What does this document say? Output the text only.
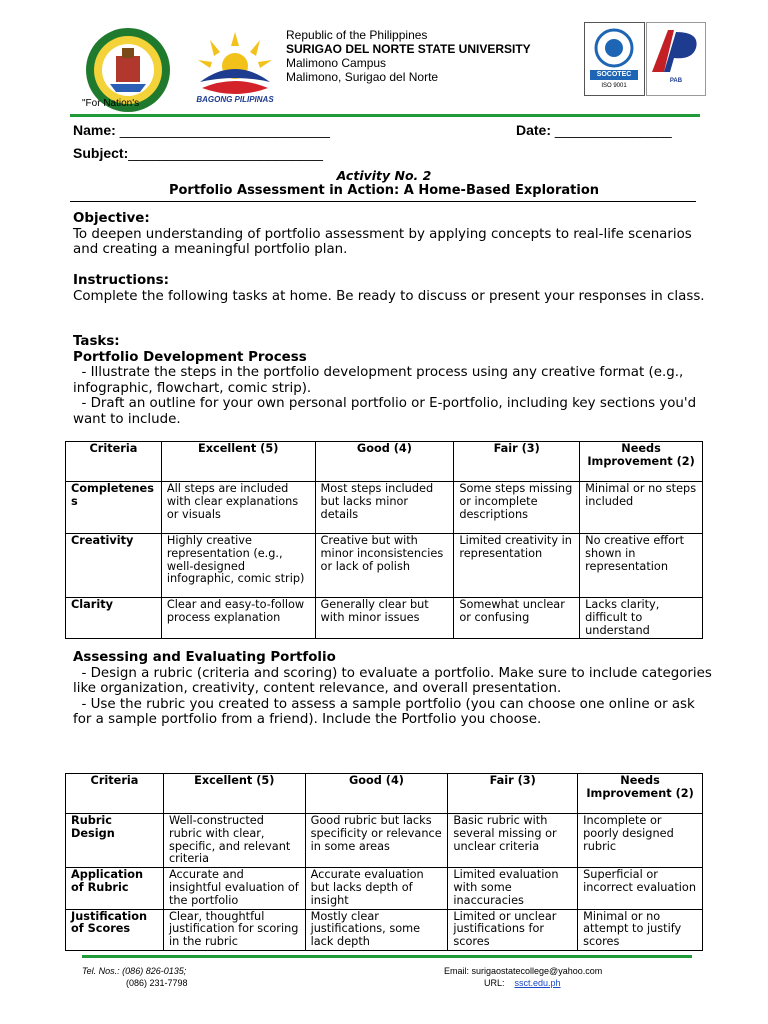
"For Nation's	BAGONG PILIPINAS
Republic of the Philippines
SURIGAO DEL NORTE STATE UNIVERSITY
Malimono Campus
Malimono, Surigao del Norte	SOCOTEC
ISO 9001
PAB
Name: ___________________________	Date: _______________
Subject:_________________________
Activity No. 2
Portfolio Assessment in Action: A Home-Based Exploration

Objective:

To deepen understanding of portfolio assessment by applying concepts to real-life scenarios and creating a meaningful portfolio plan.

Instructions:

Complete the following tasks at home. Be ready to discuss or present your responses in class.

Tasks:

Portfolio Development Process

- Illustrate the steps in the portfolio development process using any creative format (e.g., infographic, flowchart, comic strip).

- Draft an outline for your own personal portfolio or E-portfolio, including key sections you'd want to include.

Criteria	Excellent (5)	Good (4)	Fair (3)	Needs Improvement (2)
Completeness	All steps are included with clear explanations or visuals	Most steps included but lacks minor details	Some steps missing or incomplete descriptions	Minimal or no steps included
Creativity	Highly creative representation (e.g., well-designed infographic, comic strip)	Creative but with minor inconsistencies or lack of polish	Limited creativity in representation	No creative effort shown in representation
Clarity	Clear and easy-to-follow process explanation	Generally clear but with minor issues	Somewhat unclear or confusing	Lacks clarity, difficult to understand

Assessing and Evaluating Portfolio

- Design a rubric (criteria and scoring) to evaluate a portfolio. Make sure to include categories like organization, creativity, content relevance, and overall presentation.

- Use the rubric you created to assess a sample portfolio (you can choose one online or ask for a sample portfolio from a friend). Include the Portfolio you choose.

Criteria	Excellent (5)	Good (4)	Fair (3)	Needs Improvement (2)
Rubric Design	Well-constructed rubric with clear, specific, and relevant criteria	Good rubric but lacks specificity or relevance in some areas	Basic rubric with several missing or unclear criteria	Incomplete or poorly designed rubric
Application of Rubric	Accurate and insightful evaluation of the portfolio	Accurate evaluation but lacks depth of insight	Limited evaluation with some inaccuracies	Superficial or incorrect evaluation
Justification of Scores	Clear, thoughtful justification for scoring in the rubric	Mostly clear justifications, some lack depth	Limited or unclear justifications for scores	Minimal or no attempt to justify scores
Tel. Nos.: (086) 826-0135;
(086) 231-7798
Email: surigaostatecollege@yahoo.com
URL: ssct.edu.ph
